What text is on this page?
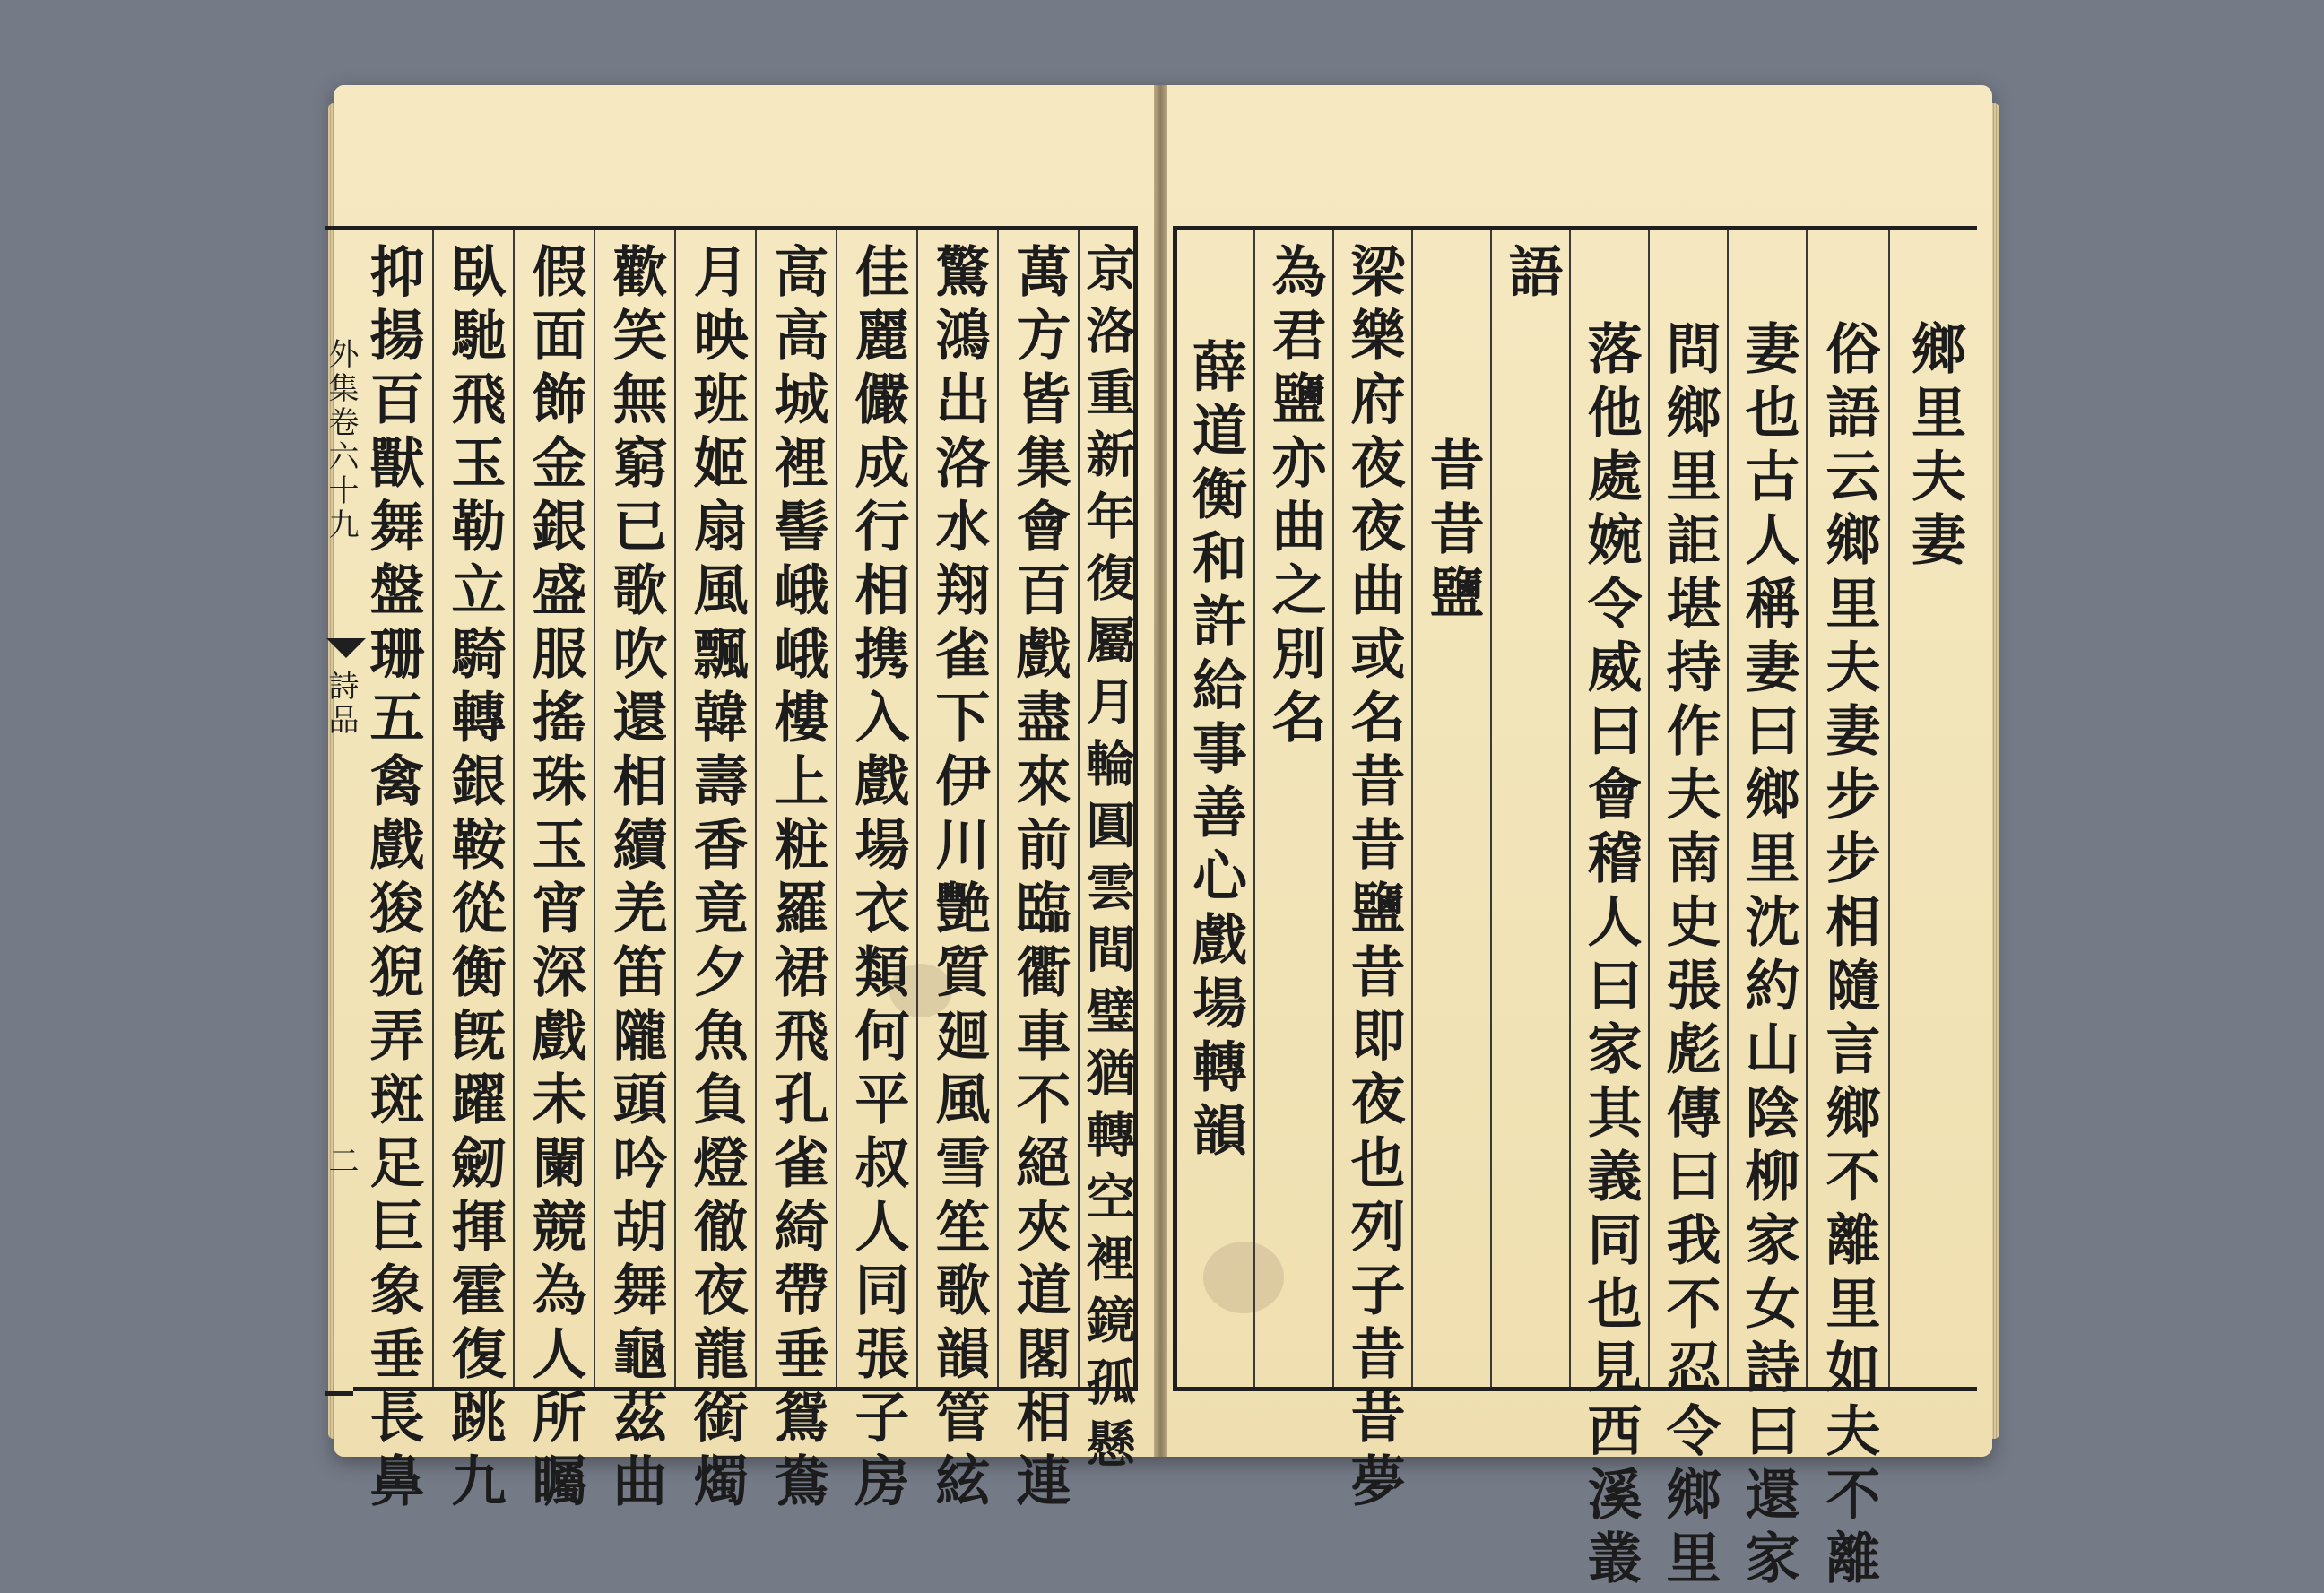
抑揚百獸舞盤珊五禽戲狻猊弄斑足巨象垂長鼻 臥馳飛玉勒立騎轉銀鞍從衡旣躍劒揮霍復跳九 假面飾金銀盛服搖珠玉宵深戲未闌競為人所矚 歡笑無窮已歌吹還相續羌笛隴頭吟胡舞龜茲曲 月映班姬扇風飄韓壽香竟夕魚負燈徹夜龍銜燭 高高城裡髻峨峨樓上粧羅裙飛孔雀綺帶垂鴛鴦 佳麗儼成行相携入戲場衣類何平叔人同張子房 驚鴻出洛水翔雀下伊川艷質廻風雪笙歌韻管絃 萬方皆集會百戲盡來前臨衢車不絕夾道閣相連 京洛重新年復屬月輪圓雲間璧猶轉空裡鏡孤懸
外集卷六十九
詩品
二	薛道衡和許給事善心戲場轉韻 為君鹽亦曲之別名 梁樂府夜夜曲或名昔昔鹽昔即夜也列子昔昔夢 昔昔鹽
語
落他處婉令威曰會稽人曰家其義同也見西溪叢 問鄉里詎堪持作夫南史張彪傳曰我不忍令鄉里 妻也古人稱妻曰鄉里沈約山陰柳家女詩曰還家 俗語云鄉里夫妻步步相隨言鄉不離里如夫不離 鄉里夫妻
